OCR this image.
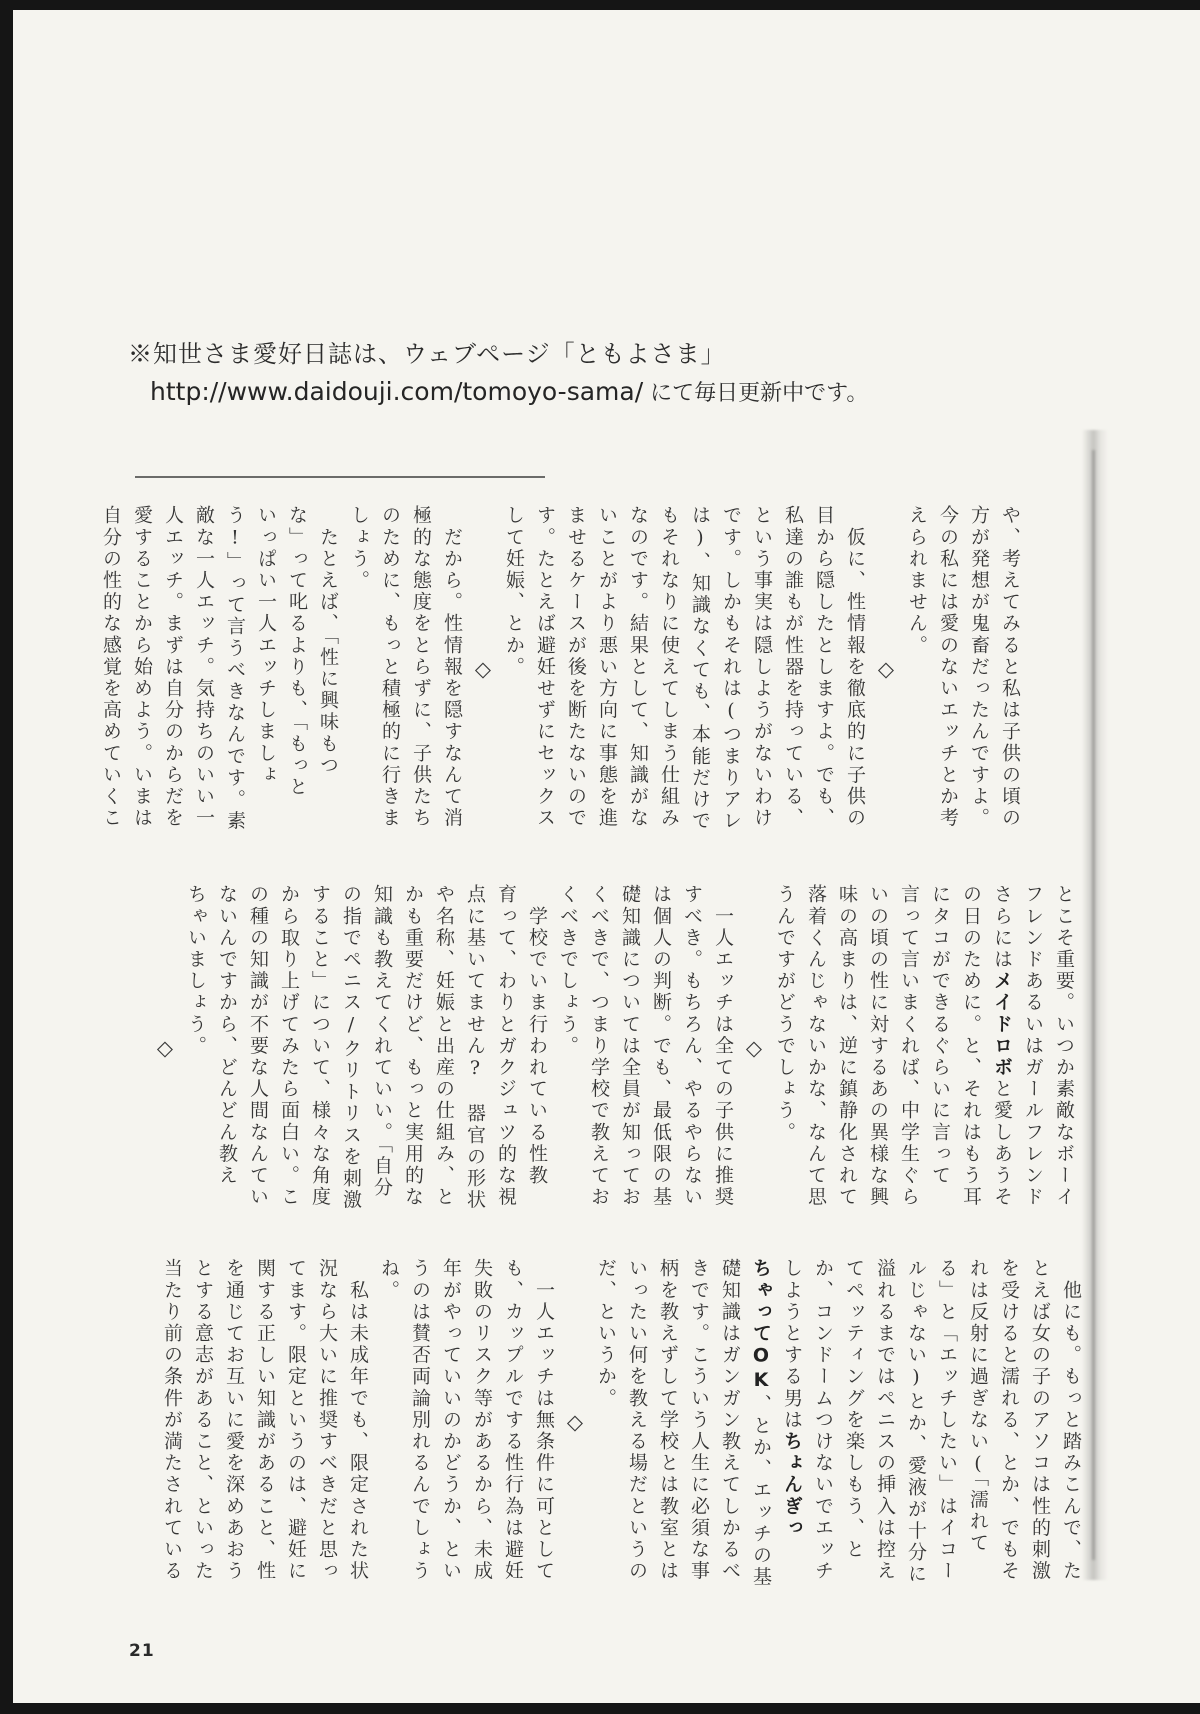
※知世さま愛好日誌は、ウェブページ「ともよさま」
http://www.daidouji.com/tomoyo-sama/ にて毎日更新中です。
や、考えてみると私は子供の頃の
方が発想が鬼畜だったんですよ。
今の私には愛のないエッチとか考
えられません。
◇
　仮に、性情報を徹底的に子供の
目から隠したとしますよ。でも、
私達の誰もが性器を持っている、
という事実は隠しようがないわけ
です。しかもそれは(つまりアレ
は)、知識なくても、本能だけで
もそれなりに使えてしまう仕組み
なのです。結果として、知識がな
いことがより悪い方向に事態を進
ませるケースが後を断たないので
す。たとえば避妊せずにセックス
して妊娠、とか。
◇
　だから。性情報を隠すなんて消
極的な態度をとらずに、子供たち
のために、もっと積極的に行きま
しょう。
　たとえば、「性に興味もつ
な」って叱るよりも、「もっと
いっぱい一人エッチしましょ
う!」って言うべきなんです。素
敵な一人エッチ。気持ちのいい一
人エッチ。まずは自分のからだを
愛することから始めよう。いまは
自分の性的な感覚を高めていくこ
とこそ重要。いつか素敵なボーイ
フレンドあるいはガールフレンド
さらにはメイドロボと愛しあうそ
の日のために。と、それはもう耳
にタコができるぐらいに言って
言って言いまくれば、中学生ぐら
いの頃の性に対するあの異様な興
味の高まりは、逆に鎮静化されて
落着くんじゃないかな、なんて思
うんですがどうでしょう。
◇
　一人エッチは全ての子供に推奨
すべき。もちろん、やるやらない
は個人の判断。でも、最低限の基
礎知識については全員が知ってお
くべきで、つまり学校で教えてお
くべきでしょう。
　学校でいま行われている性教
育って、わりとガクジュツ的な視
点に基いてません?　器官の形状
や名称、妊娠と出産の仕組み、と
かも重要だけど、もっと実用的な
知識も教えてくれていい。「自分
の指でペニス/クリトリスを刺激
すること」について、様々な角度
から取り上げてみたら面白い。こ
の種の知識が不要な人間なんてい
ないんですから、どんどん教え
ちゃいましょう。
◇
　他にも。もっと踏みこんで、た
とえば女の子のアソコは性的刺激
を受けると濡れる、とか、でもそ
れは反射に過ぎない(「濡れて
る」と「エッチしたい」はイコー
ルじゃない)とか、愛液が十分に
溢れるまではペニスの挿入は控え
てペッティングを楽しもう、と
か、コンドームつけないでエッチ
しようとする男はちょんぎっ
ちゃってOK、とか、エッチの基
礎知識はガンガン教えてしかるべ
きです。こういう人生に必須な事
柄を教えずして学校とは教室とは
いったい何を教える場だというの
だ、というか。
◇
　一人エッチは無条件に可として
も、カップルでする性行為は避妊
失敗のリスク等があるから、未成
年がやっていいのかどうか、とい
うのは賛否両論別れるんでしょう
ね。
　私は未成年でも、限定された状
況なら大いに推奨すべきだと思っ
てます。限定というのは、避妊に
関する正しい知識があること、性
を通じてお互いに愛を深めあおう
とする意志があること、といった
当たり前の条件が満たされている
21
